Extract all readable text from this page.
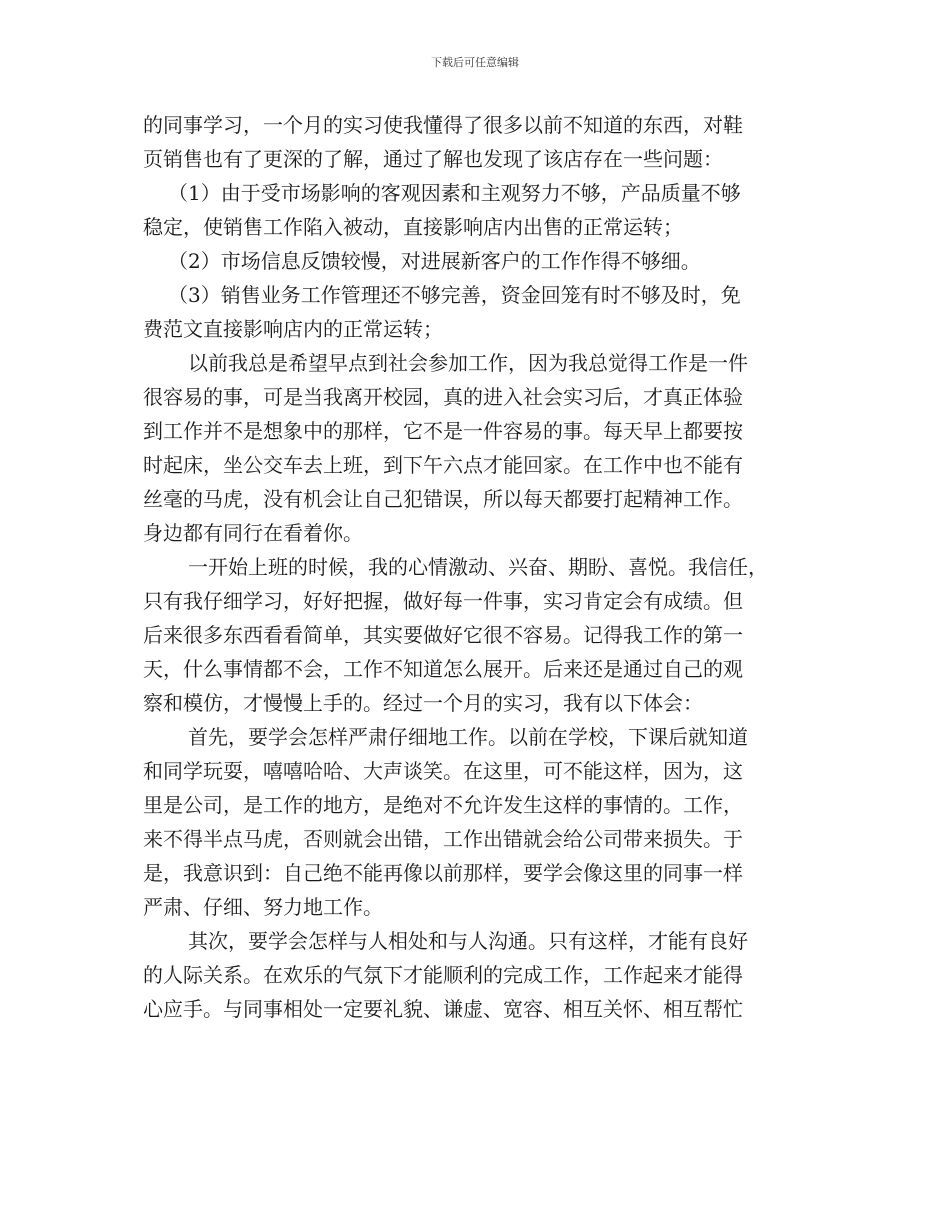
下载后可任意编辑
的同事学习，一个月的实习使我懂得了很多以前不知道的东西，对鞋
页销售也有了更深的了解，通过了解也发现了该店存在一些问题：
（1）由于受市场影响的客观因素和主观努力不够，产品质量不够
稳定，使销售工作陷入被动，直接影响店内出售的正常运转；
（2）市场信息反馈较慢，对进展新客户的工作作得不够细。
（3）销售业务工作管理还不够完善，资金回笼有时不够及时，免
费范文直接影响店内的正常运转；
以前我总是希望早点到社会参加工作，因为我总觉得工作是一件
很容易的事，可是当我离开校园，真的进入社会实习后，才真正体验
到工作并不是想象中的那样，它不是一件容易的事。每天早上都要按
时起床，坐公交车去上班，到下午六点才能回家。在工作中也不能有
丝毫的马虎，没有机会让自己犯错误，所以每天都要打起精神工作。
身边都有同行在看着你。
一开始上班的时候，我的心情激动、兴奋、期盼、喜悦。我信任，
只有我仔细学习，好好把握，做好每一件事，实习肯定会有成绩。但
后来很多东西看看简单，其实要做好它很不容易。记得我工作的第一
天，什么事情都不会，工作不知道怎么展开。后来还是通过自己的观
察和模仿，才慢慢上手的。经过一个月的实习，我有以下体会：
首先，要学会怎样严肃仔细地工作。以前在学校，下课后就知道
和同学玩耍，嘻嘻哈哈、大声谈笑。在这里，可不能这样，因为，这
里是公司，是工作的地方，是绝对不允许发生这样的事情的。工作，
来不得半点马虎，否则就会出错，工作出错就会给公司带来损失。于
是，我意识到：自己绝不能再像以前那样，要学会像这里的同事一样
严肃、仔细、努力地工作。
其次，要学会怎样与人相处和与人沟通。只有这样，才能有良好
的人际关系。在欢乐的气氛下才能顺利的完成工作，工作起来才能得
心应手。与同事相处一定要礼貌、谦虚、宽容、相互关怀、相互帮忙
